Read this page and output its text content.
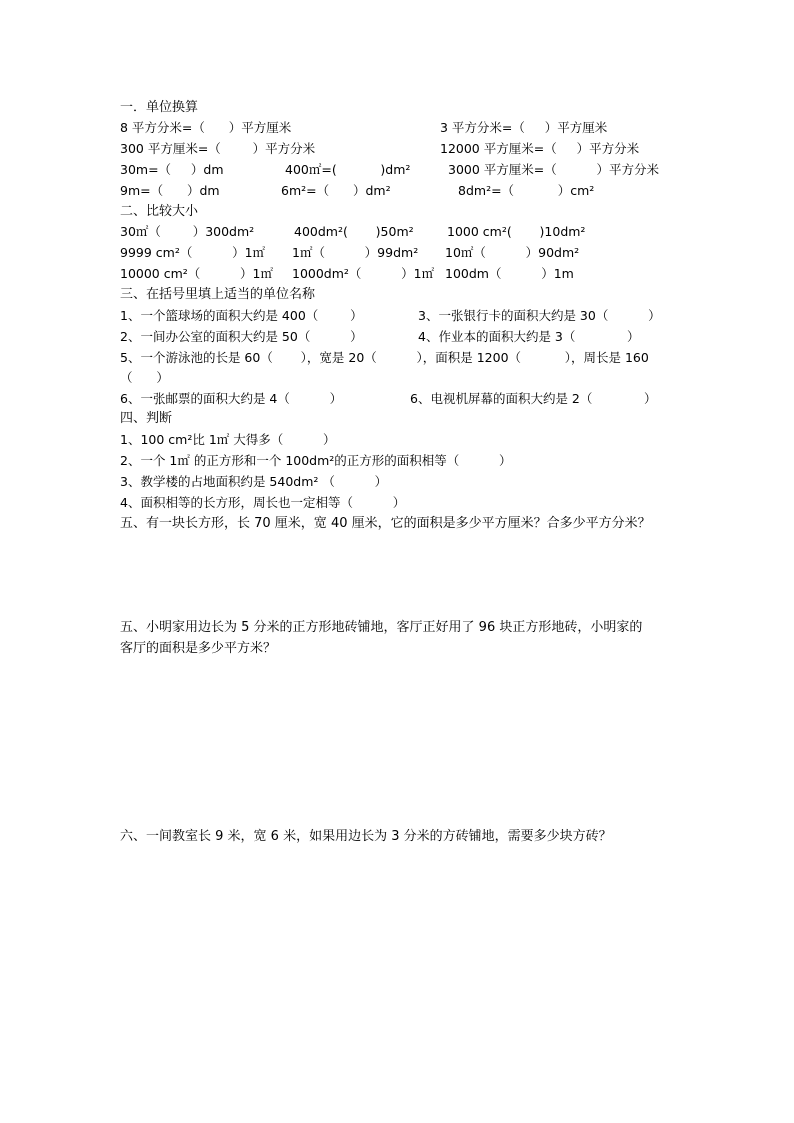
一．单位换算
8 平方分米=（      ）平方厘米	3 平方分米=（     ）平方厘米
300 平方厘米=（        ）平方分米	12000 平方厘米=（     ）平方分米
30m=（     ）dm	400㎡=(           )dm²	3000 平方厘米=（          ）平方分米
9m=（      ）dm	6m²=（      ）dm²	8dm²=（           ）cm²
二、比较大小
30㎡（        ）300dm²	400dm²(       )50m²	1000 cm²(       )10dm²
9999 cm²（          ）1㎡ 1㎡（          ）99dm² 10㎡（          ）90dm²
10000 cm²（          ）1㎡ 1000dm²（          ）1㎡ 100dm（          ）1m
三、在括号里填上适当的单位名称
1、一个篮球场的面积大约是 400（        ）	3、一张银行卡的面积大约是 30（          ）
2、一间办公室的面积大约是 50（          ）	4、作业本的面积大约是 3（             ）
5、一个游泳池的长是 60（       ），宽是 20（          ），面积是 1200（           ），周长是 160
（      ）
6、一张邮票的面积大约是 4（          ）	6、电视机屏幕的面积大约是 2（             ）
四、判断
1、100 cm²比 1㎡ 大得多（          ）
2、一个 1㎡ 的正方形和一个 100dm²的正方形的面积相等（          ）
3、教学楼的占地面积约是 540dm² （          ）
4、面积相等的长方形，周长也一定相等（          ）
五、有一块长方形，长 70 厘米，宽 40 厘米，它的面积是多少平方厘米？合多少平方分米？
五、小明家用边长为 5 分米的正方形地砖铺地，客厅正好用了 96 块正方形地砖，小明家的
客厅的面积是多少平方米？
六、一间教室长 9 米，宽 6 米，如果用边长为 3 分米的方砖铺地，需要多少块方砖？
